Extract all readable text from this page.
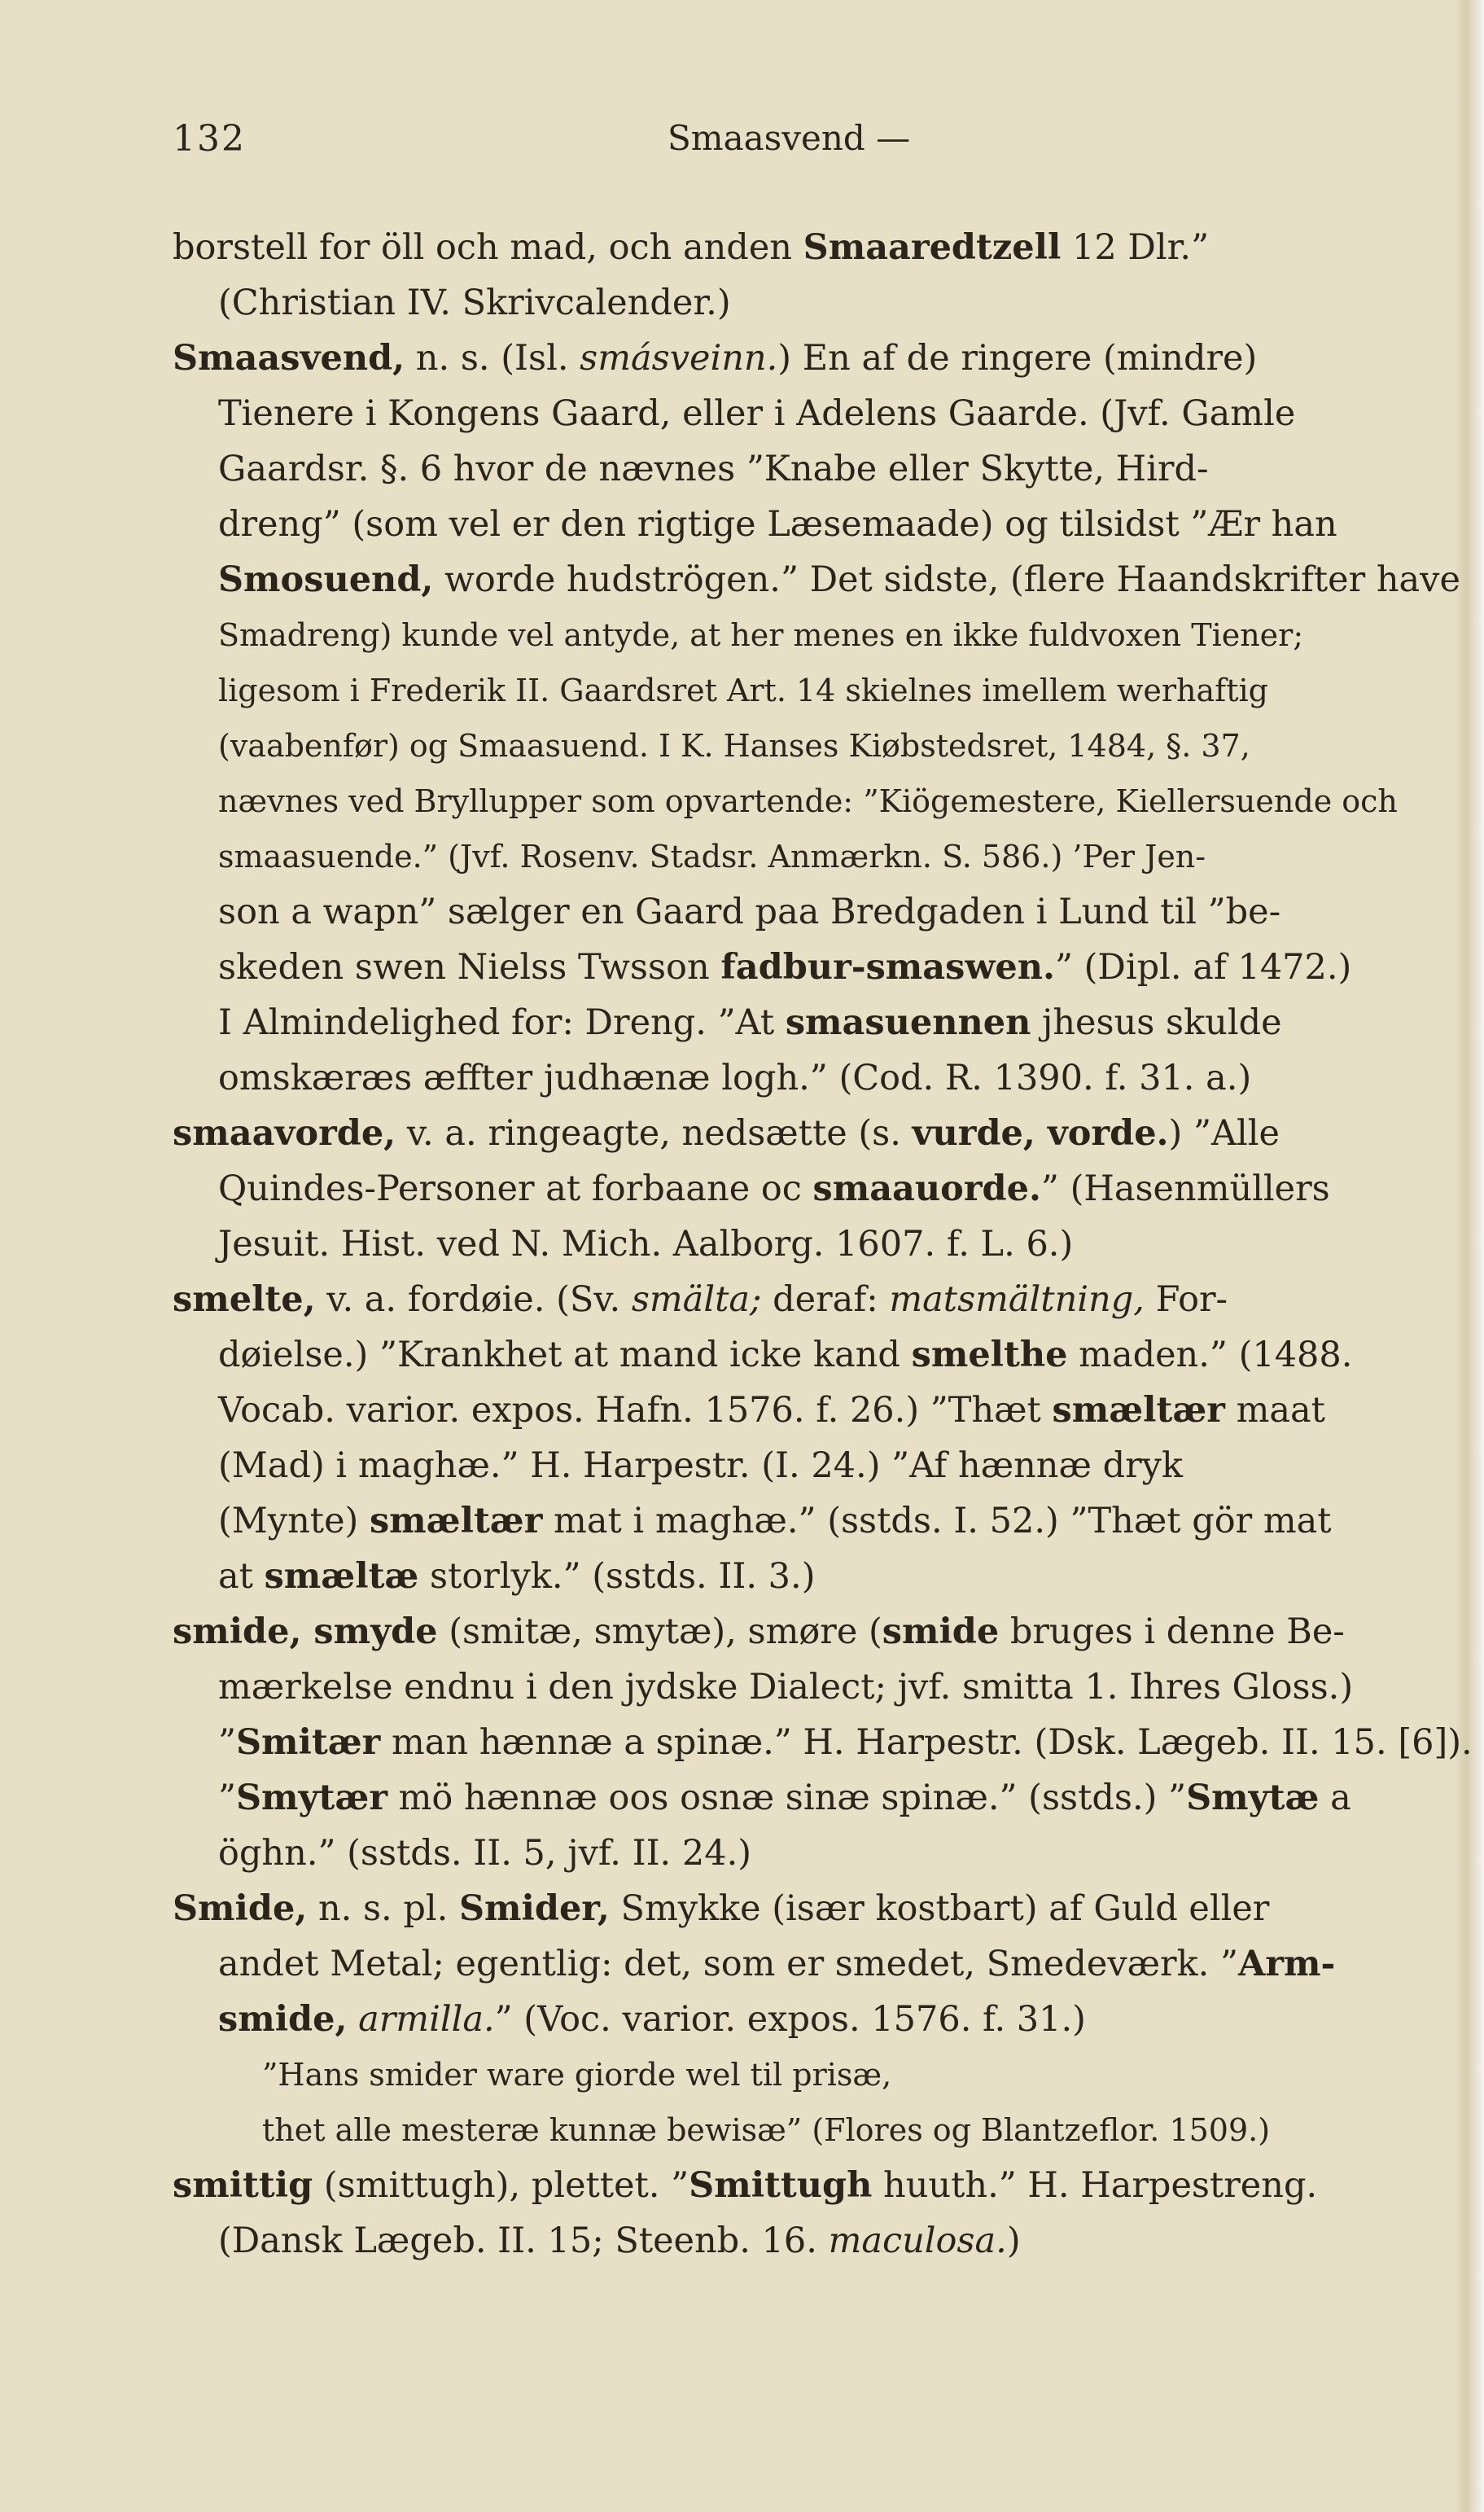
132	Smaasvend —
borstell for öll och mad, och anden Smaaredtzell 12 Dlr.”
(Christian IV. Skrivcalender.)
Smaasvend, n. s. (Isl. smásveinn.) En af de ringere (mindre)
Tienere i Kongens Gaard, eller i Adelens Gaarde. (Jvf. Gamle
Gaardsr. §. 6 hvor de nævnes ”Knabe eller Skytte, Hird-
dreng” (som vel er den rigtige Læsemaade) og tilsidst ”Ær han
Smosuend, worde hudströgen.” Det sidste, (flere Haandskrifter have
Smadreng) kunde vel antyde, at her menes en ikke fuldvoxen Tiener;
ligesom i Frederik II. Gaardsret Art. 14 skielnes imellem werhaftig
(vaabenfør) og Smaasuend. I K. Hanses Kiøbstedsret, 1484, §. 37,
nævnes ved Bryllupper som opvartende: ”Kiögemestere, Kiellersuende och
smaasuende.” (Jvf. Rosenv. Stadsr. Anmærkn. S. 586.) ’Per Jen-
son a wapn” sælger en Gaard paa Bredgaden i Lund til ”be-
skeden swen Nielss Twsson fadbur-smaswen.” (Dipl. af 1472.)
I Almindelighed for: Dreng. ”At smasuennen jhesus skulde
omskæræs æffter judhænæ logh.” (Cod. R. 1390. f. 31. a.)
smaavorde, v. a. ringeagte, nedsætte (s. vurde, vorde.) ”Alle
Quindes-Personer at forbaane oc smaauorde.” (Hasenmüllers
Jesuit. Hist. ved N. Mich. Aalborg. 1607. f. L. 6.)
smelte, v. a. fordøie. (Sv. smälta; deraf: matsmältning, For-
døielse.) ”Krankhet at mand icke kand smelthe maden.” (1488.
Vocab. varior. expos. Hafn. 1576. f. 26.) ”Thæt smæltær maat
(Mad) i maghæ.” H. Harpestr. (I. 24.) ”Af hænnæ dryk
(Mynte) smæltær mat i maghæ.” (sstds. I. 52.) ”Thæt gör mat
at smæltæ storlyk.” (sstds. II. 3.)
smide, smyde (smitæ, smytæ), smøre (smide bruges i denne Be-
mærkelse endnu i den jydske Dialect; jvf. smitta 1. Ihres Gloss.)
”Smitær man hænnæ a spinæ.” H. Harpestr. (Dsk. Lægeb. II. 15. [6]).
”Smytær mö hænnæ oos osnæ sinæ spinæ.” (sstds.) ”Smytæ a
öghn.” (sstds. II. 5, jvf. II. 24.)
Smide, n. s. pl. Smider, Smykke (især kostbart) af Guld eller
andet Metal; egentlig: det, som er smedet, Smedeværk. ”Arm-
smide, armilla.” (Voc. varior. expos. 1576. f. 31.)
”Hans smider ware giorde wel til prisæ,
thet alle mesteræ kunnæ bewisæ” (Flores og Blantzeflor. 1509.)
smittig (smittugh), plettet. ”Smittugh huuth.” H. Harpestreng.
(Dansk Lægeb. II. 15; Steenb. 16. maculosa.)
